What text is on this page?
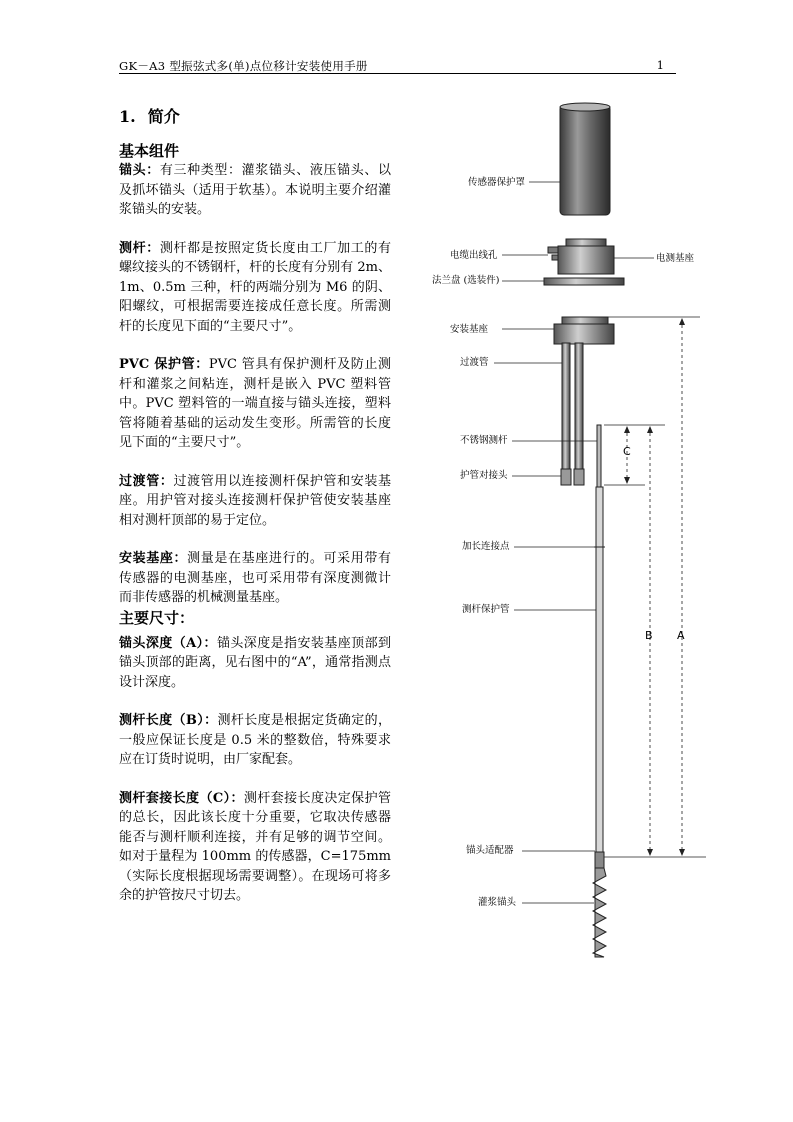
GK－A3 型振弦式多(单)点位移计安装使用手册	1
1. 简介
基本组件

锚头：有三种类型：灌浆锚头、液压锚头、以及抓坏锚头（适用于软基）。本说明主要介绍灌浆锚头的安装。

测杆：测杆都是按照定货长度由工厂加工的有螺纹接头的不锈钢杆，杆的长度有分别有 2m、1m、0.5m 三种，杆的两端分别为 M6 的阴、阳螺纹，可根据需要连接成任意长度。所需测杆的长度见下面的“主要尺寸”。

PVC 保护管：PVC 管具有保护测杆及防止测杆和灌浆之间粘连，测杆是嵌入 PVC 塑料管中。PVC 塑料管的一端直接与锚头连接，塑料管将随着基础的运动发生变形。所需管的长度见下面的“主要尺寸”。

过渡管：过渡管用以连接测杆保护管和安装基座。用护管对接头连接测杆保护管使安装基座相对测杆顶部的易于定位。

安装基座：测量是在基座进行的。可采用带有传感器的电测基座，也可采用带有深度测微计而非传感器的机械测量基座。

主要尺寸：

锚头深度（A）：锚头深度是指安装基座顶部到锚头顶部的距离，见右图中的“A”，通常指测点设计深度。

测杆长度（B）：测杆长度是根据定货确定的，一般应保证长度是 0.5 米的整数倍，特殊要求应在订货时说明，由厂家配套。

测杆套接长度（C）：测杆套接长度决定保护管的总长，因此该长度十分重要，它取决传感器能否与测杆顺利连接，并有足够的调节空间。如对于量程为 100mm 的传感器，C=175mm（实际长度根据现场需要调整）。在现场可将多余的护管按尺寸切去。

传感器保护罩
电缆出线孔	电测基座
法兰盘 (选装件)
安装基座
过渡管
不锈钢测杆
护管对接头
加长连接点
测杆保护管
锚头适配器
灌浆锚头
C
B A
